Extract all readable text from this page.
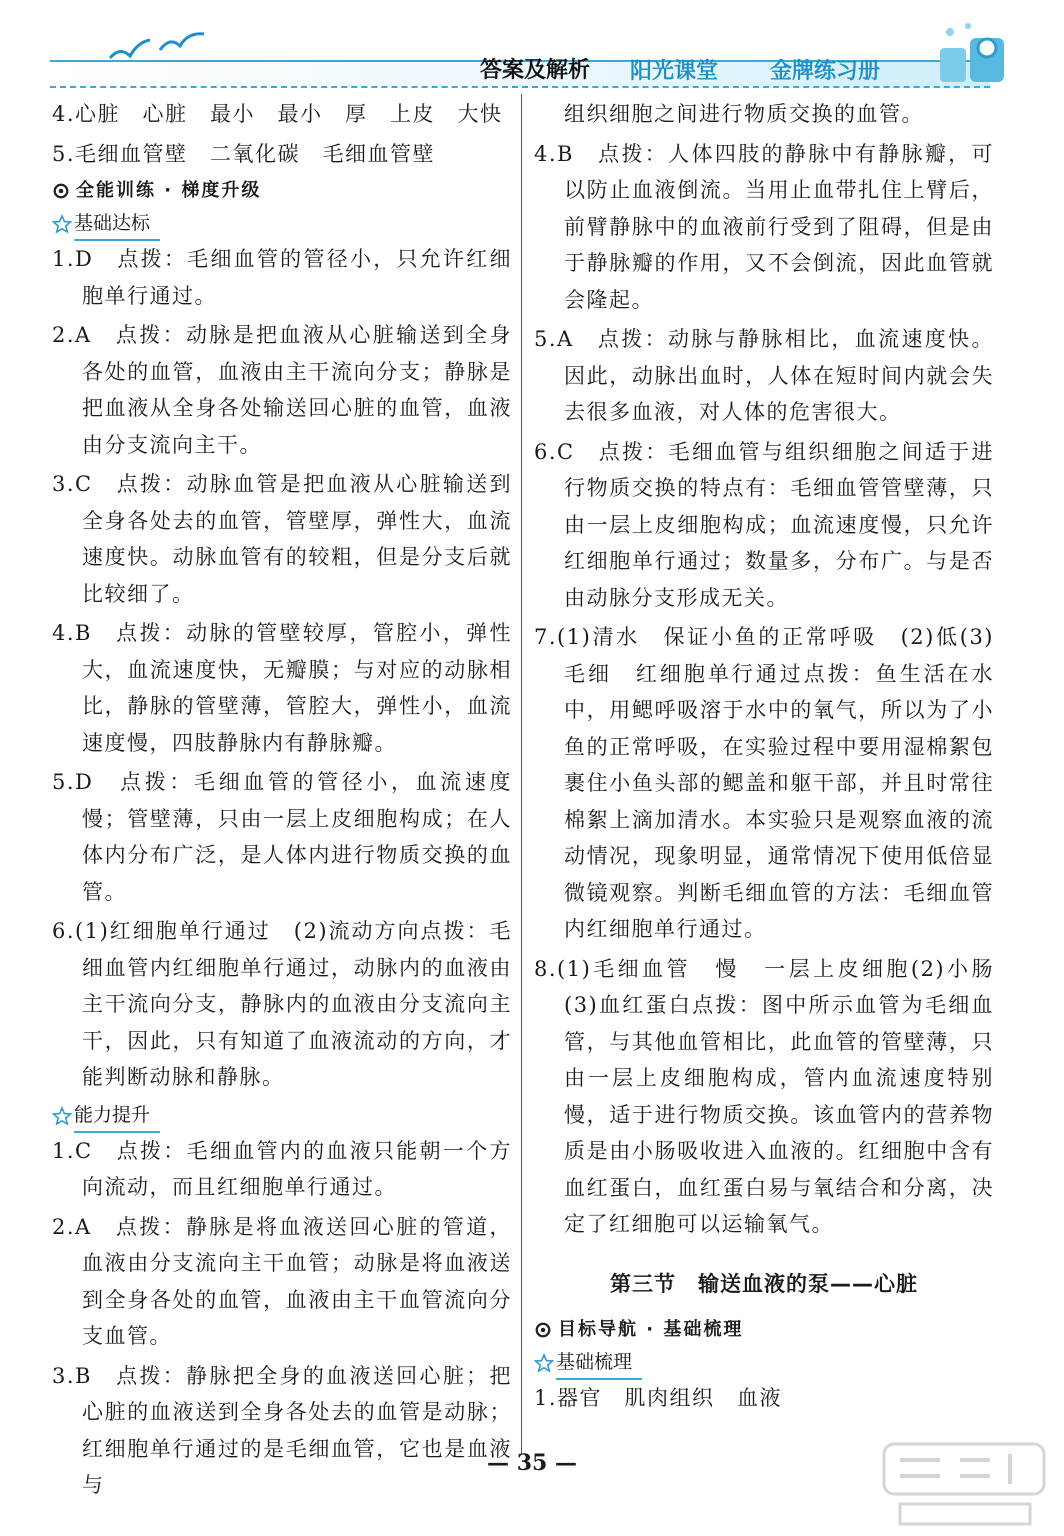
答案及解析 阳光课堂 金牌练习册
4.心脏　心脏　最小　最小　厚　上皮　大快
5.毛细血管壁　二氧化碳　毛细血管壁
全能训练 · 梯度升级
基础达标
1.D　点拨：毛细血管的管径小，只允许红细胞单行通过。
2.A　点拨：动脉是把血液从心脏输送到全身各处的血管，血液由主干流向分支；静脉是把血液从全身各处输送回心脏的血管，血液由分支流向主干。
3.C　点拨：动脉血管是把血液从心脏输送到全身各处去的血管，管壁厚，弹性大，血流速度快。动脉血管有的较粗，但是分支后就比较细了。
4.B　点拨：动脉的管壁较厚，管腔小，弹性大，血流速度快，无瓣膜；与对应的动脉相比，静脉的管壁薄，管腔大，弹性小，血流速度慢，四肢静脉内有静脉瓣。
5.D　点拨：毛细血管的管径小，血流速度慢；管壁薄，只由一层上皮细胞构成；在人体内分布广泛，是人体内进行物质交换的血管。
6.(1)红细胞单行通过　(2)流动方向点拨：毛细血管内红细胞单行通过，动脉内的血液由主干流向分支，静脉内的血液由分支流向主干，因此，只有知道了血液流动的方向，才能判断动脉和静脉。
能力提升
1.C　点拨：毛细血管内的血液只能朝一个方向流动，而且红细胞单行通过。
2.A　点拨：静脉是将血液送回心脏的管道，血液由分支流向主干血管；动脉是将血液送到全身各处的血管，血液由主干血管流向分支血管。
3.B　点拨：静脉把全身的血液送回心脏；把心脏的血液送到全身各处去的血管是动脉；红细胞单行通过的是毛细血管，它也是血液与
组织细胞之间进行物质交换的血管。
4.B　点拨：人体四肢的静脉中有静脉瓣，可以防止血液倒流。当用止血带扎住上臂后，前臂静脉中的血液前行受到了阻碍，但是由于静脉瓣的作用，又不会倒流，因此血管就会隆起。
5.A　点拨：动脉与静脉相比，血流速度快。因此，动脉出血时，人体在短时间内就会失去很多血液，对人体的危害很大。
6.C　点拨：毛细血管与组织细胞之间适于进行物质交换的特点有：毛细血管管壁薄，只由一层上皮细胞构成；血流速度慢，只允许红细胞单行通过；数量多，分布广。与是否由动脉分支形成无关。
7.(1)清水　保证小鱼的正常呼吸　(2)低(3)毛细　红细胞单行通过点拨：鱼生活在水中，用鳃呼吸溶于水中的氧气，所以为了小鱼的正常呼吸，在实验过程中要用湿棉絮包裹住小鱼头部的鳃盖和躯干部，并且时常往棉絮上滴加清水。本实验只是观察血液的流动情况，现象明显，通常情况下使用低倍显微镜观察。判断毛细血管的方法：毛细血管内红细胞单行通过。
8.(1)毛细血管　慢　一层上皮细胞(2)小肠　(3)血红蛋白点拨：图中所示血管为毛细血管，与其他血管相比，此血管的管壁薄，只由一层上皮细胞构成，管内血流速度特别慢，适于进行物质交换。该血管内的营养物质是由小肠吸收进入血液的。红细胞中含有血红蛋白，血红蛋白易与氧结合和分离，决定了红细胞可以运输氧气。
第三节　输送血液的泵——心脏
目标导航 · 基础梳理
基础梳理
1.器官　肌肉组织　血液
— 35 —
